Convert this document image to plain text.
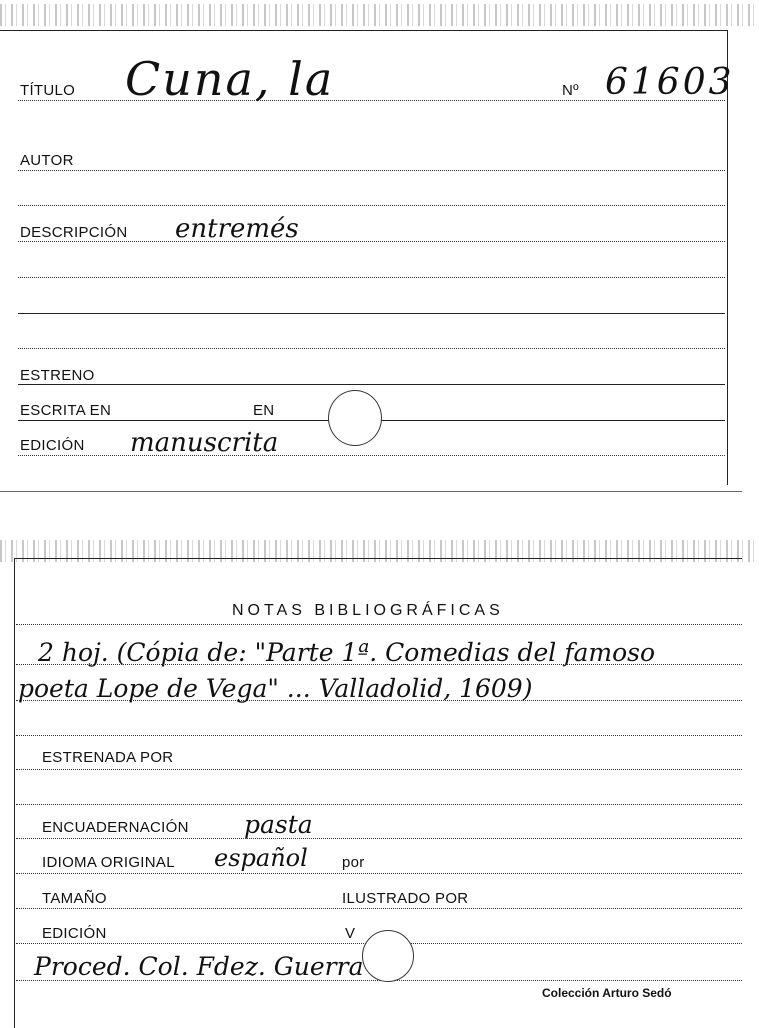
TÍTULO Cuna, la	Nº 61603
AUTOR
DESCRIPCIÓN entremés
ESTRENO
ESCRITA EN	EN
EDICIÓN manuscrita
NOTAS BIBLIOGRÁFICAS
2 hoj. (Cópia de: "Parte 1ª. Comedias del famoso
poeta Lope de Vega" ... Valladolid, 1609)
ESTRENADA POR
ENCUADERNACIÓN pasta
IDIOMA ORIGINAL español por
TAMAÑO	ILUSTRADO POR
EDICIÓN	V
Proced. Col. Fdez. Guerra
Colección Arturo Sedó
